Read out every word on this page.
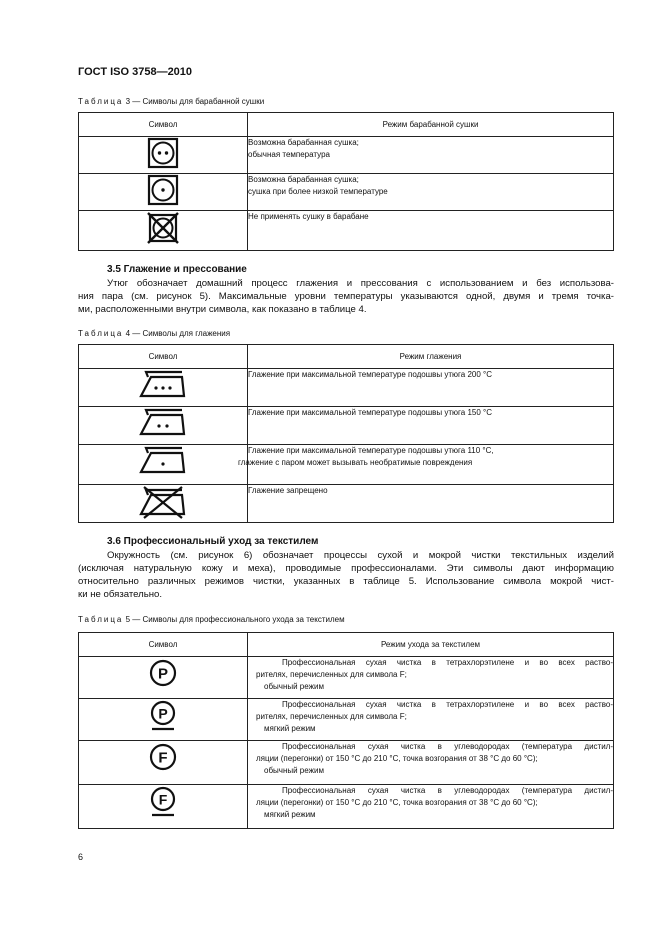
ГОСТ ISO 3758—2010
Таблица 3 — Символы для барабанной сушки
Символ	Режим барабанной сушки

Возможна барабанная сушка;
обычная температура

Возможна барабанная сушка;
сушка при более низкой температуре

Не применять сушку в барабане
3.5 Глажение и прессование

Утюг обозначает домашний процесс глажения и прессования с использованием и без использова-

ния пара (см. рисунок 5). Максимальные уровни температуры указываются одной, двумя и тремя точка-

ми, расположенными внутри символа, как показано в таблице 4.

Таблица 4 — Символы для глажения
Символ	Режим глажения

Глажение при максимальной температуре подошвы утюга 200 °C

Глажение при максимальной температуре подошвы утюга 150 °C

Глажение при максимальной температуре подошвы утюга 110 °C,
глажение с паром может вызывать необратимые повреждения

Глажение запрещено
3.6 Профессиональный уход за текстилем

Окружность (см. рисунок 6) обозначает процессы сухой и мокрой чистки текстильных изделий

(исключая натуральную кожу и меха), проводимые профессионалами. Эти символы дают информацию

относительно различных режимов чистки, указанных в таблице 5. Использование символа мокрой чист-

ки не обязательно.

Таблица 5 — Символы для профессионального ухода за текстилем
Символ	Режим ухода за текстилем

P	Профессиональная сухая чистка в тетрахлорэтилене и во всех раство-
рителях, перечисленных для символа F;
обычный режим

P	Профессиональная сухая чистка в тетрахлорэтилене и во всех раство-
рителях, перечисленных для символа F;
мягкий режим

F	Профессиональная сухая чистка в углеводородах (температура дистил-
ляции (перегонки) от 150 °C до 210 °C, точка возгорания от 38 °C до 60 °C);
обычный режим

F	Профессиональная сухая чистка в углеводородах (температура дистил-
ляции (перегонки) от 150 °C до 210 °C, точка возгорания от 38 °C до 60 °C);
мягкий режим
6
